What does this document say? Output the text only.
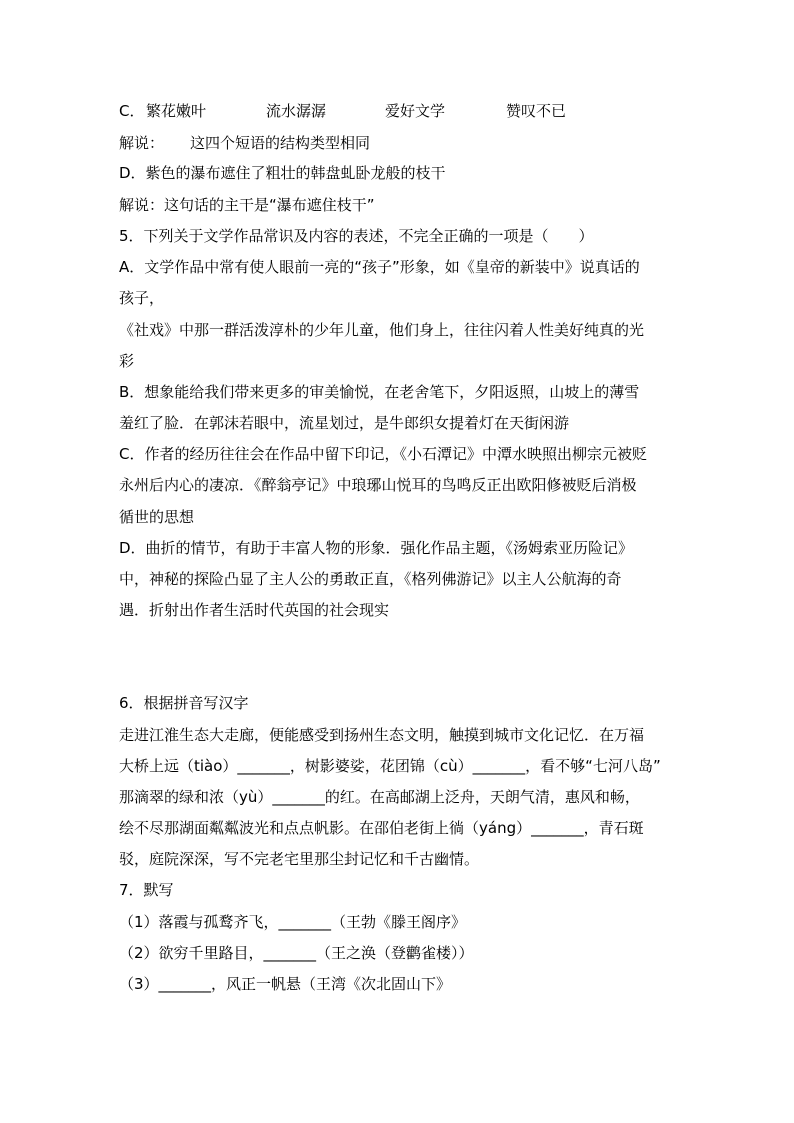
C． 繁花嫩叶	流水潺潺	爱好文学	赞叹不已
解说： 这四个短语的结构类型相同
D．紫色的瀑布遮住了粗壮的韩盘虬卧龙般的枝干
解说：这句话的主干是“瀑布遮住枝干”
5．下列关于文学作品常识及内容的表述，不完全正确的一项是（　　）
A．文学作品中常有使人眼前一亮的“孩子”形象，如《皇帝的新装中》说真话的
孩子，
《社戏》中那一群活泼淳朴的少年儿童，他们身上，往往闪着人性美好纯真的光
彩
B．想象能给我们带来更多的审美愉悦，在老舍笔下，夕阳返照，山坡上的薄雪
羞红了脸．在郭沫若眼中，流星划过，是牛郎织女提着灯在天街闲游
C．作者的经历往往会在作品中留下印记，《小石潭记》中潭水映照出柳宗元被贬
永州后内心的凄凉．《醉翁亭记》中琅琊山悦耳的鸟鸣反正出欧阳修被贬后消极
循世的思想
D．曲折的情节，有助于丰富人物的形象．强化作品主题，《汤姆索亚历险记》
中，神秘的探险凸显了主人公的勇敢正直，《格列佛游记》以主人公航海的奇
遇．折射出作者生活时代英国的社会现实
6．根据拼音写汉字
走进江淮生态大走廊，便能感受到扬州生态文明，触摸到城市文化记忆．在万福
大桥上远（tiào）_______，树影婆娑，花团锦（cù）_______，看不够“七河八岛”
那滴翠的绿和浓（yù）_______的红。在高邮湖上泛舟，天朗气清，惠风和畅，
绘不尽那湖面粼粼波光和点点帆影。在邵伯老街上徜（yáng）_______，青石斑
驳，庭院深深，写不完老宅里那尘封记忆和千古幽情。
7．默写
（1）落霞与孤鹜齐飞，_______（王勃《滕王阁序》
（2）欲穷千里路目，_______（王之涣（登鹳雀楼））
（3）_______，风正一帆悬（王湾《次北固山下》
